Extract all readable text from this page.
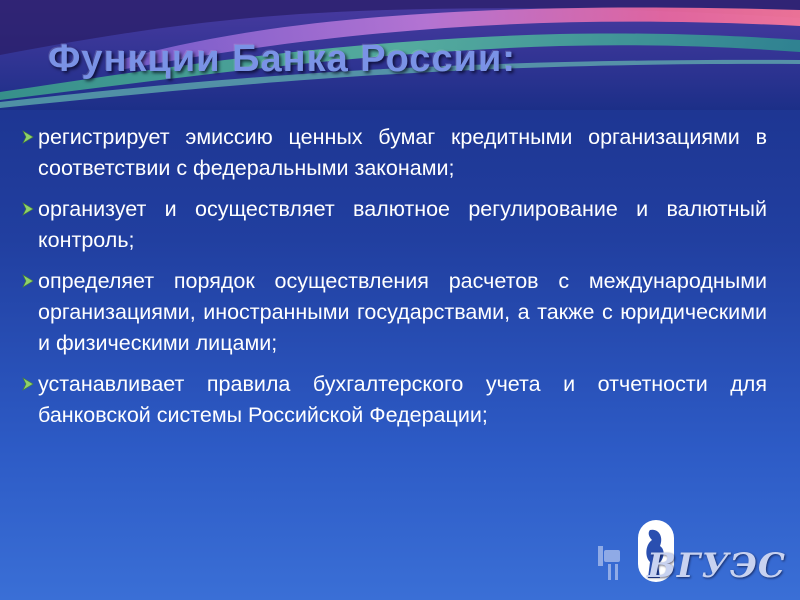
Функции Банка России:
регистрирует эмиссию ценных бумаг кредитными организациями в соответствии с федеральными законами;
организует и осуществляет валютное регулирование и валютный контроль;
определяет порядок осуществления расчетов с международными организациями, иностранными государствами, а также с юридическими и физическими лицами;
устанавливает правила бухгалтерского учета и отчетности для банковской системы Российской Федерации;
ВГУЭС
